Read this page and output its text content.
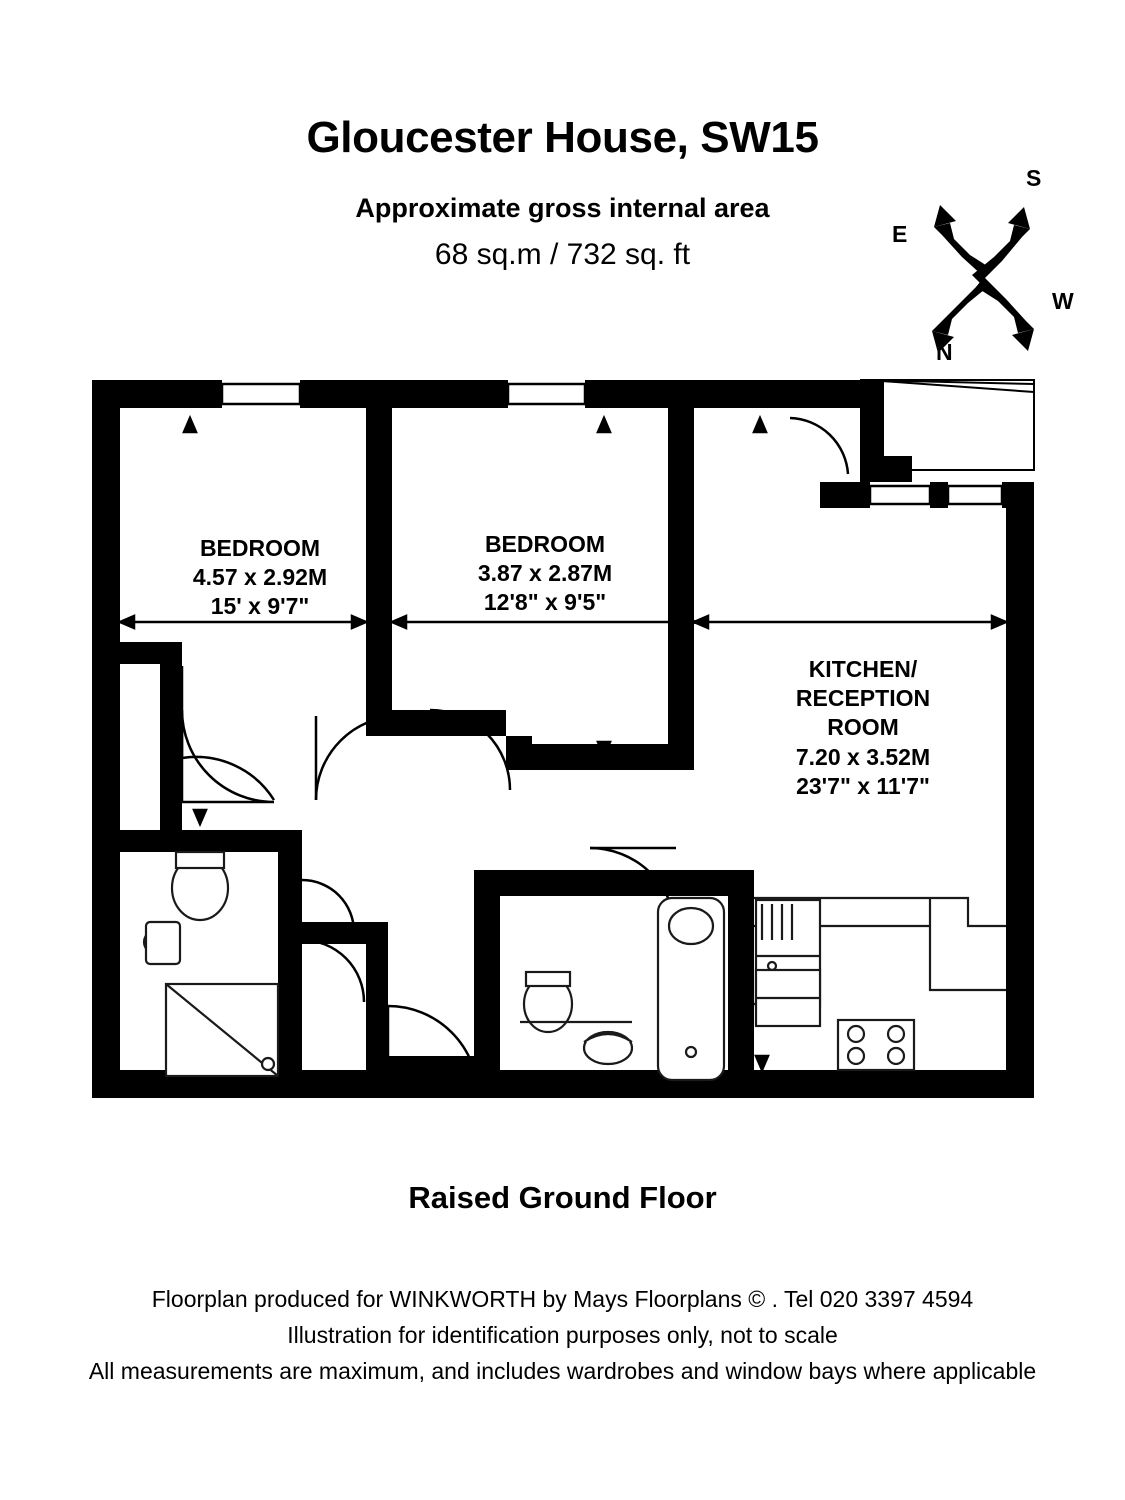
Gloucester House, SW15
Approximate gross internal area
68 sq.m / 732 sq. ft
S
E
W
N
BEDROOM
4.57 x 2.92M
15' x 9'7"
BEDROOM
3.87 x 2.87M
12'8" x 9'5"
KITCHEN/
RECEPTION
ROOM
7.20 x 3.52M
23'7" x 11'7"
Raised Ground Floor
Floorplan produced for WINKWORTH by Mays Floorplans © . Tel 020 3397 4594
Illustration for identification purposes only, not to scale
All measurements are maximum, and includes wardrobes and window bays where applicable
